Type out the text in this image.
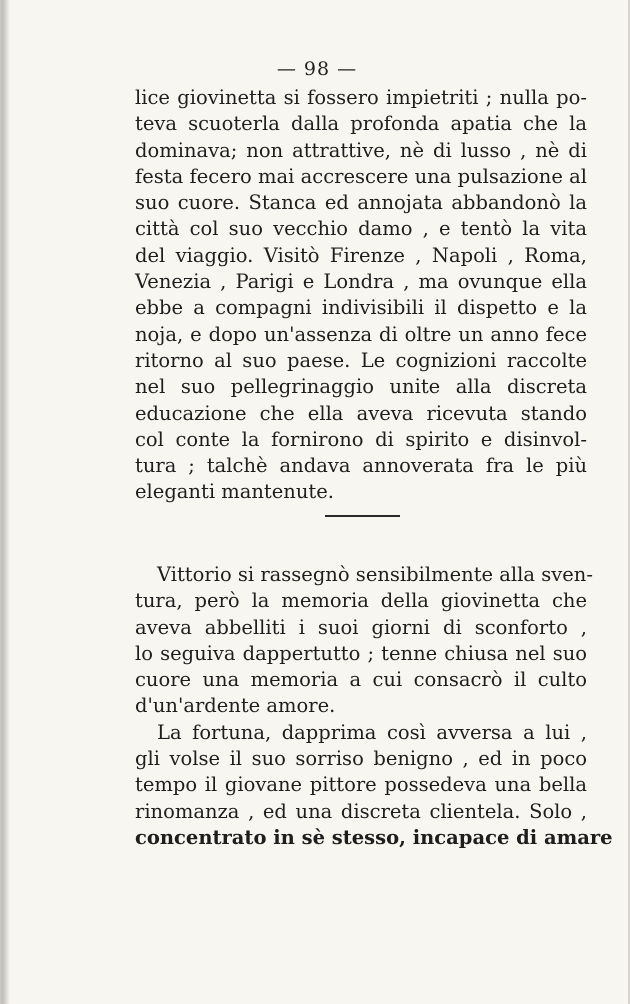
— 98 —
lice giovinetta si fossero impietriti ; nulla po-
teva scuoterla dalla profonda apatia che la
dominava; non attrattive, nè di lusso , nè di
festa fecero mai accrescere una pulsazione al
suo cuore. Stanca ed annojata abbandonò la
città col suo vecchio damo , e tentò la vita
del viaggio. Visitò Firenze , Napoli , Roma,
Venezia , Parigi e Londra , ma ovunque ella
ebbe a compagni indivisibili il dispetto e la
noja, e dopo un'assenza di oltre un anno fece
ritorno al suo paese. Le cognizioni raccolte
nel suo pellegrinaggio unite alla discreta
educazione che ella aveva ricevuta stando
col conte la fornirono di spirito e disinvol-
tura ; talchè andava annoverata fra le più
eleganti mantenute.
Vittorio si rassegnò sensibilmente alla sven-
tura, però la memoria della giovinetta che
aveva abbelliti i suoi giorni di sconforto ,
lo seguiva dappertutto ; tenne chiusa nel suo
cuore una memoria a cui consacrò il culto
d'un'ardente amore.
La fortuna, dapprima così avversa a lui ,
gli volse il suo sorriso benigno , ed in poco
tempo il giovane pittore possedeva una bella
rinomanza , ed una discreta clientela. Solo ,
concentrato in sè stesso, incapace di amare
